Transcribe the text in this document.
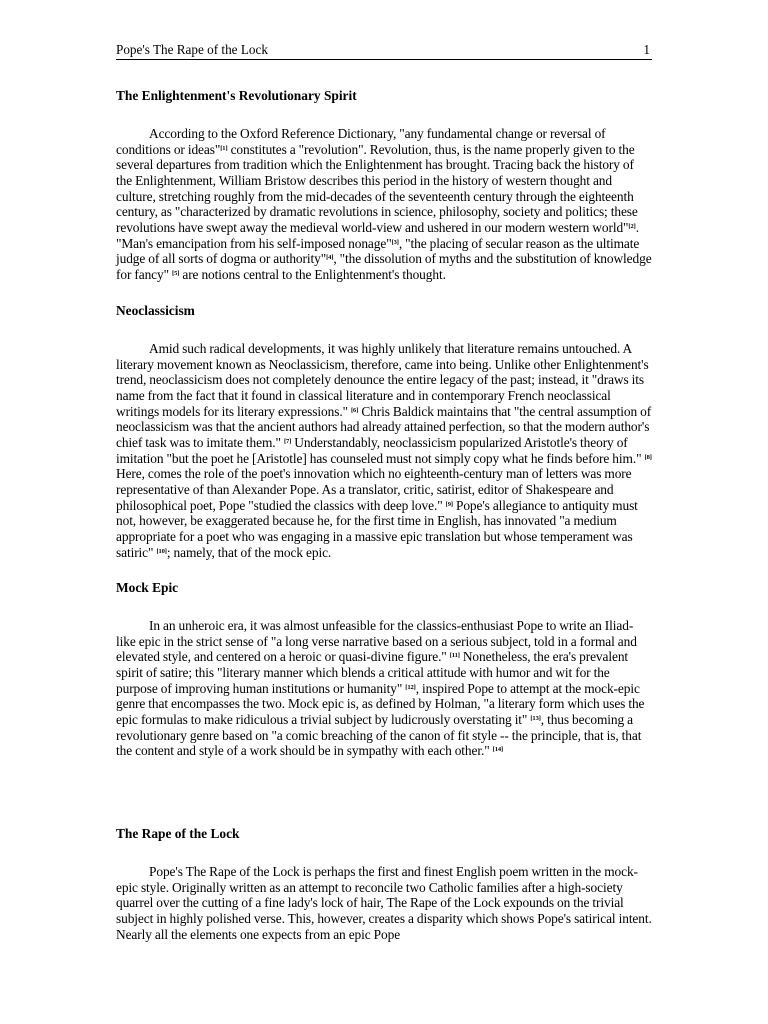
Pope's The Rape of the Lock	1
The Enlightenment's Revolutionary Spirit

According to the Oxford Reference Dictionary, "any fundamental change or reversal of conditions or ideas"[1] constitutes a "revolution". Revolution, thus, is the name properly given to the several departures from tradition which the Enlightenment has brought. Tracing back the history of the Enlightenment, William Bristow describes this period in the history of western thought and culture, stretching roughly from the mid-decades of the seventeenth century through the eighteenth century, as "characterized by dramatic revolutions in science, philosophy, society and politics; these revolutions have swept away the medieval world-view and ushered in our modern western world"[2]. "Man's emancipation from his self-imposed nonage"[3], "the placing of secular reason as the ultimate judge of all sorts of dogma or authority"[4], "the dissolution of myths and the substitution of knowledge for fancy" [5] are notions central to the Enlightenment's thought.

Neoclassicism

Amid such radical developments, it was highly unlikely that literature remains untouched. A literary movement known as Neoclassicism, therefore, came into being. Unlike other Enlightenment's trend, neoclassicism does not completely denounce the entire legacy of the past; instead, it "draws its name from the fact that it found in classical literature and in contemporary French neoclassical writings models for its literary expressions." [6] Chris Baldick maintains that "the central assumption of neoclassicism was that the ancient authors had already attained perfection, so that the modern author's chief task was to imitate them." [7] Understandably, neoclassicism popularized Aristotle's theory of imitation "but the poet he [Aristotle] has counseled must not simply copy what he finds before him." [8] Here, comes the role of the poet's innovation which no eighteenth-century man of letters was more representative of than Alexander Pope. As a translator, critic, satirist, editor of Shakespeare and philosophical poet, Pope "studied the classics with deep love." [9] Pope's allegiance to antiquity must not, however, be exaggerated because he, for the first time in English, has innovated "a medium appropriate for a poet who was engaging in a massive epic translation but whose temperament was satiric" [10]; namely, that of the mock epic.

Mock Epic

In an unheroic era, it was almost unfeasible for the classics-enthusiast Pope to write an Iliad-like epic in the strict sense of "a long verse narrative based on a serious subject, told in a formal and elevated style, and centered on a heroic or quasi-divine figure." [11] Nonetheless, the era's prevalent spirit of satire; this "literary manner which blends a critical attitude with humor and wit for the purpose of improving human institutions or humanity" [12], inspired Pope to attempt at the mock-epic genre that encompasses the two. Mock epic is, as defined by Holman, "a literary form which uses the epic formulas to make ridiculous a trivial subject by ludicrously overstating it" [13], thus becoming a revolutionary genre based on "a comic breaching of the canon of fit style -- the principle, that is, that the content and style of a work should be in sympathy with each other." [14]

The Rape of the Lock

Pope's The Rape of the Lock is perhaps the first and finest English poem written in the mock-epic style. Originally written as an attempt to reconcile two Catholic families after a high-society quarrel over the cutting of a fine lady's lock of hair, The Rape of the Lock expounds on the trivial subject in highly polished verse. This, however, creates a disparity which shows Pope's satirical intent. Nearly all the elements one expects from an epic Pope
